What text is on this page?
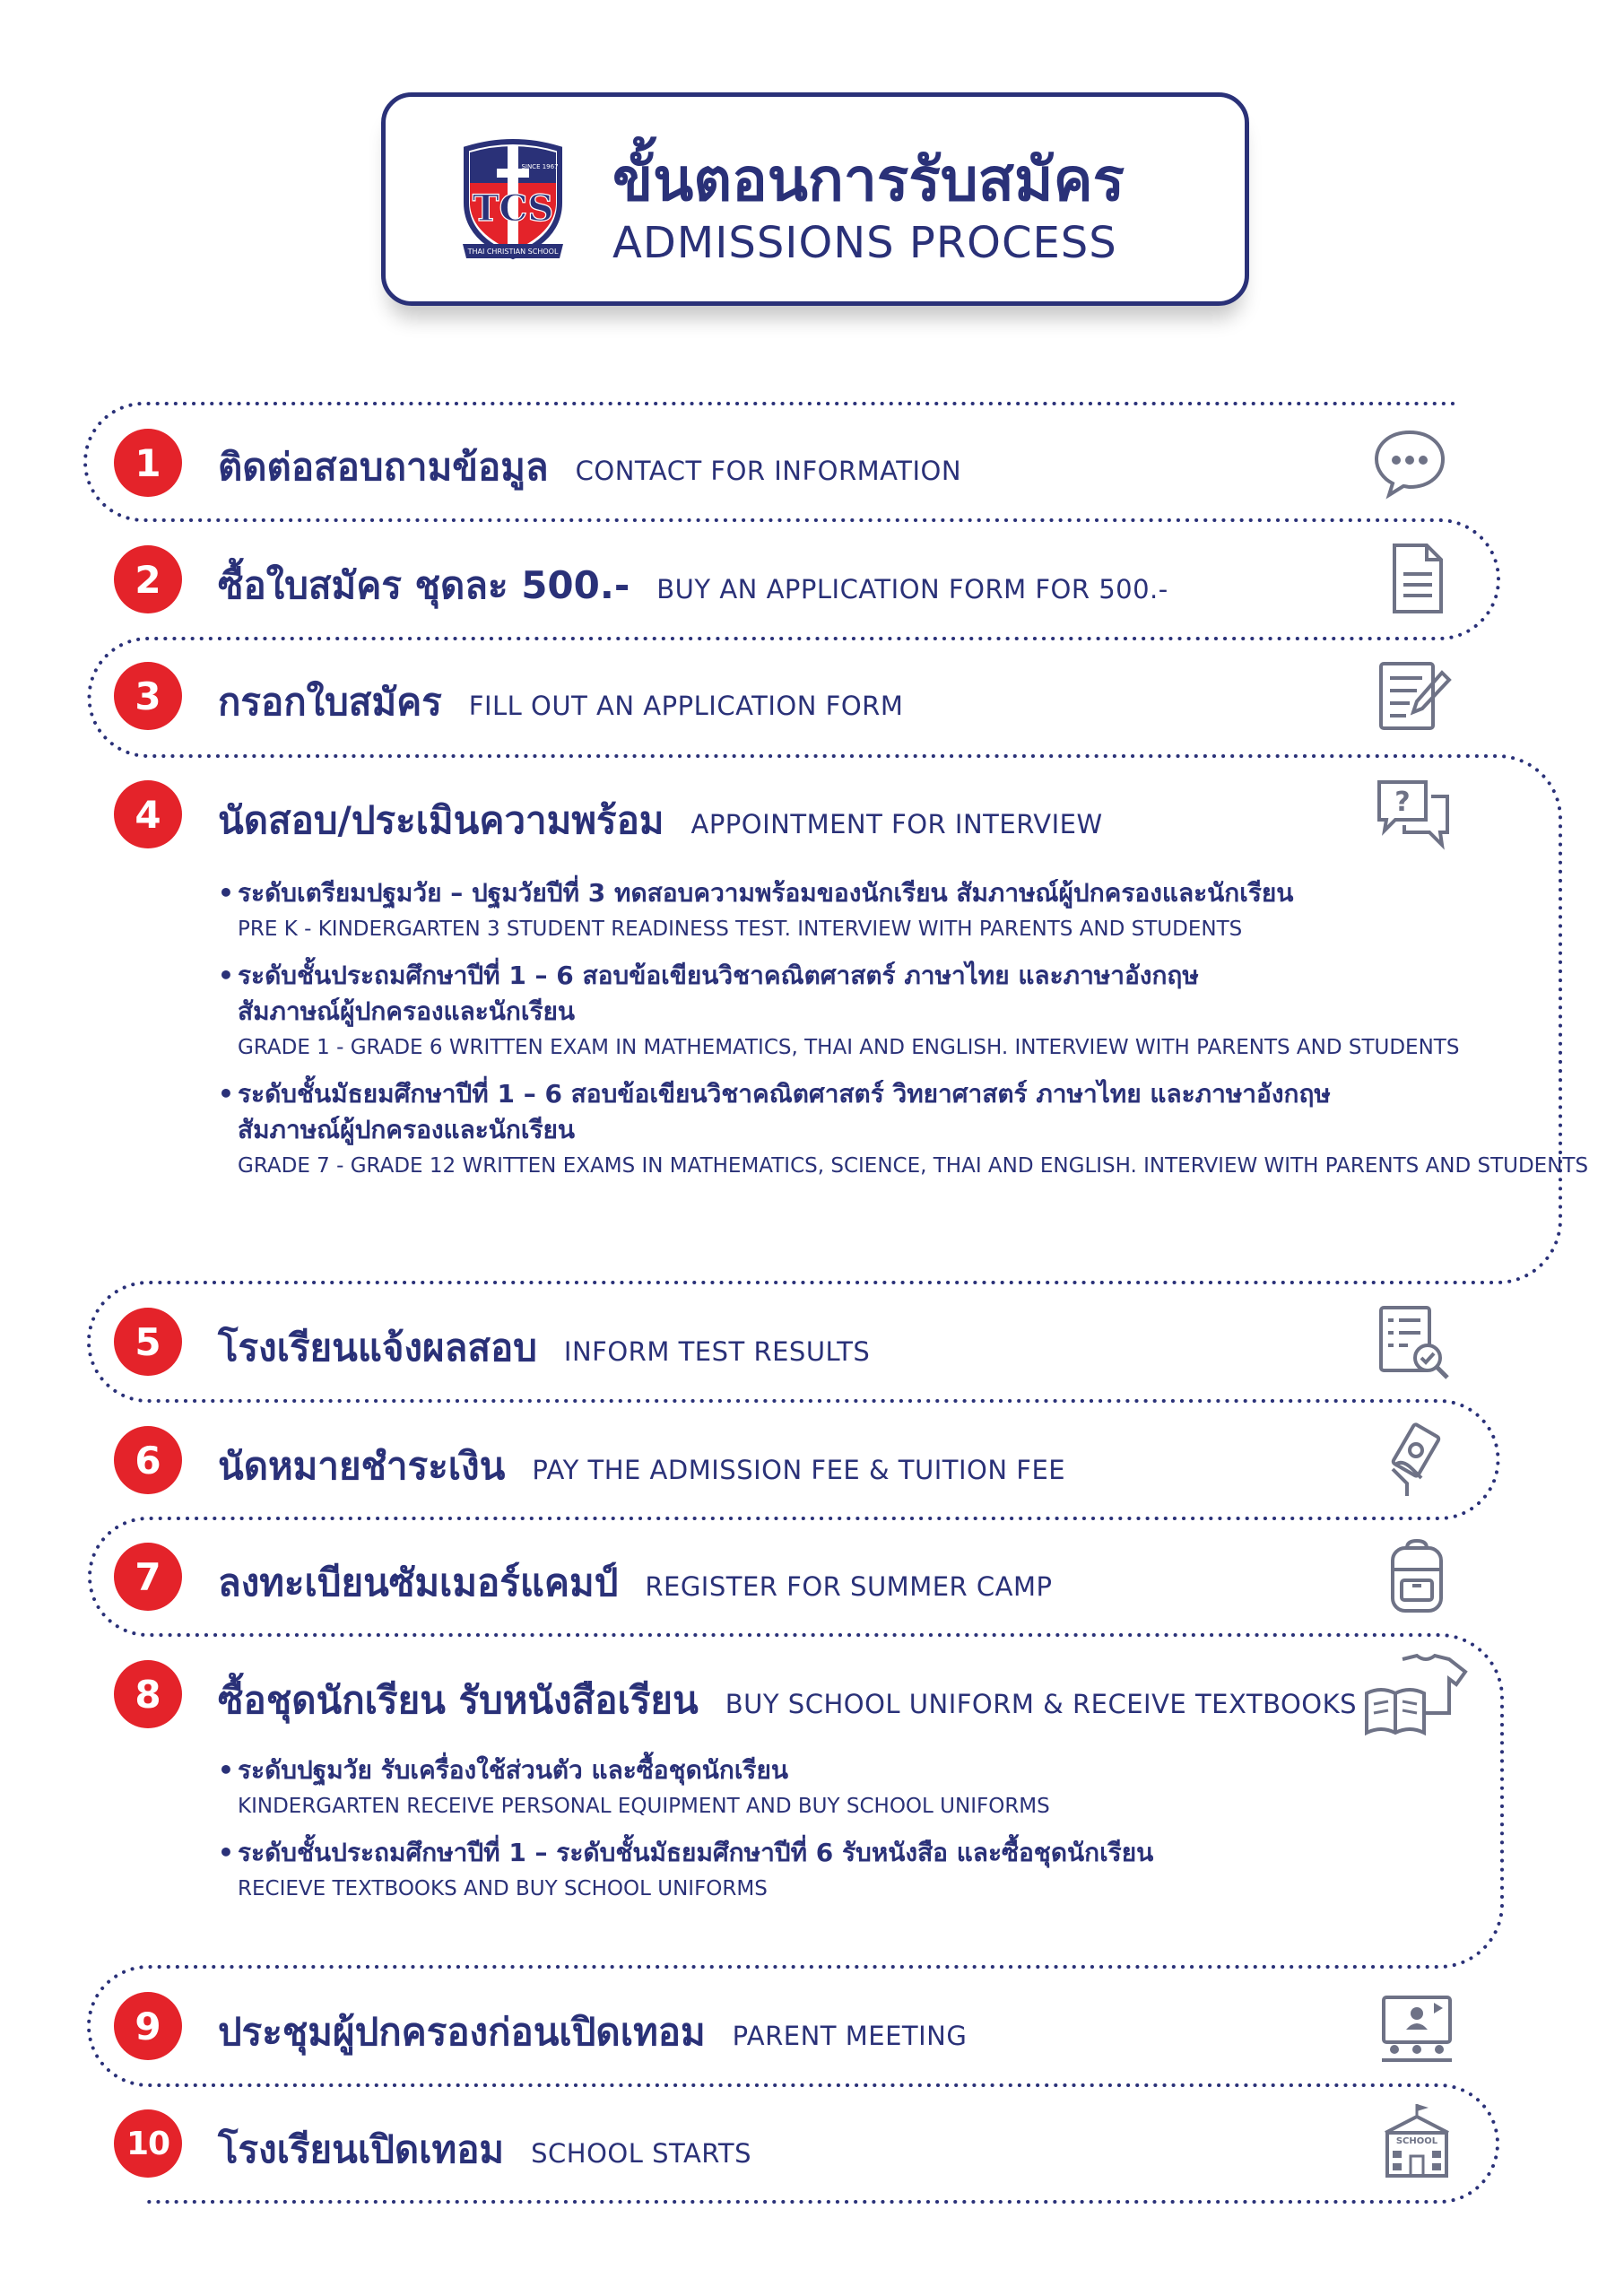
TCS
SINCE 1967
THAI CHRISTIAN SCHOOL
ขั้นตอนการรับสมัคร
ADMISSIONS PROCESS
1	ติดต่อสอบถามข้อมูล CONTACT FOR INFORMATION
2	ซื้อใบสมัคร ชุดละ 500.- BUY AN APPLICATION FORM FOR 500.-
3	กรอกใบสมัคร FILL OUT AN APPLICATION FORM
4	นัดสอบ/ประเมินความพร้อม APPOINTMENT FOR INTERVIEW
?
• ระดับเตรียมปฐมวัย – ปฐมวัยปีที่ 3 ทดสอบความพร้อมของนักเรียน สัมภาษณ์ผู้ปกครองและนักเรียน
PRE K - KINDERGARTEN 3 STUDENT READINESS TEST. INTERVIEW WITH PARENTS AND STUDENTS
• ระดับชั้นประถมศึกษาปีที่ 1 – 6 สอบข้อเขียนวิชาคณิตศาสตร์ ภาษาไทย และภาษาอังกฤษ
สัมภาษณ์ผู้ปกครองและนักเรียน
GRADE 1 - GRADE 6 WRITTEN EXAM IN MATHEMATICS, THAI AND ENGLISH. INTERVIEW WITH PARENTS AND STUDENTS
• ระดับชั้นมัธยมศึกษาปีที่ 1 – 6 สอบข้อเขียนวิชาคณิตศาสตร์ วิทยาศาสตร์ ภาษาไทย และภาษาอังกฤษ
สัมภาษณ์ผู้ปกครองและนักเรียน
GRADE 7 - GRADE 12 WRITTEN EXAMS IN MATHEMATICS, SCIENCE, THAI AND ENGLISH. INTERVIEW WITH PARENTS AND STUDENTS
5	โรงเรียนแจ้งผลสอบ INFORM TEST RESULTS
6	นัดหมายชำระเงิน PAY THE ADMISSION FEE & TUITION FEE
7	ลงทะเบียนซัมเมอร์แคมป์ REGISTER FOR SUMMER CAMP
8	ซื้อชุดนักเรียน รับหนังสือเรียน BUY SCHOOL UNIFORM & RECEIVE TEXTBOOKS
• ระดับปฐมวัย รับเครื่องใช้ส่วนตัว และซื้อชุดนักเรียน
KINDERGARTEN RECEIVE PERSONAL EQUIPMENT AND BUY SCHOOL UNIFORMS
• ระดับชั้นประถมศึกษาปีที่ 1 – ระดับชั้นมัธยมศึกษาปีที่ 6 รับหนังสือ และซื้อชุดนักเรียน
RECIEVE TEXTBOOKS AND BUY SCHOOL UNIFORMS
9	ประชุมผู้ปกครองก่อนเปิดเทอม PARENT MEETING
10	โรงเรียนเปิดเทอม SCHOOL STARTS	SCHOOL
